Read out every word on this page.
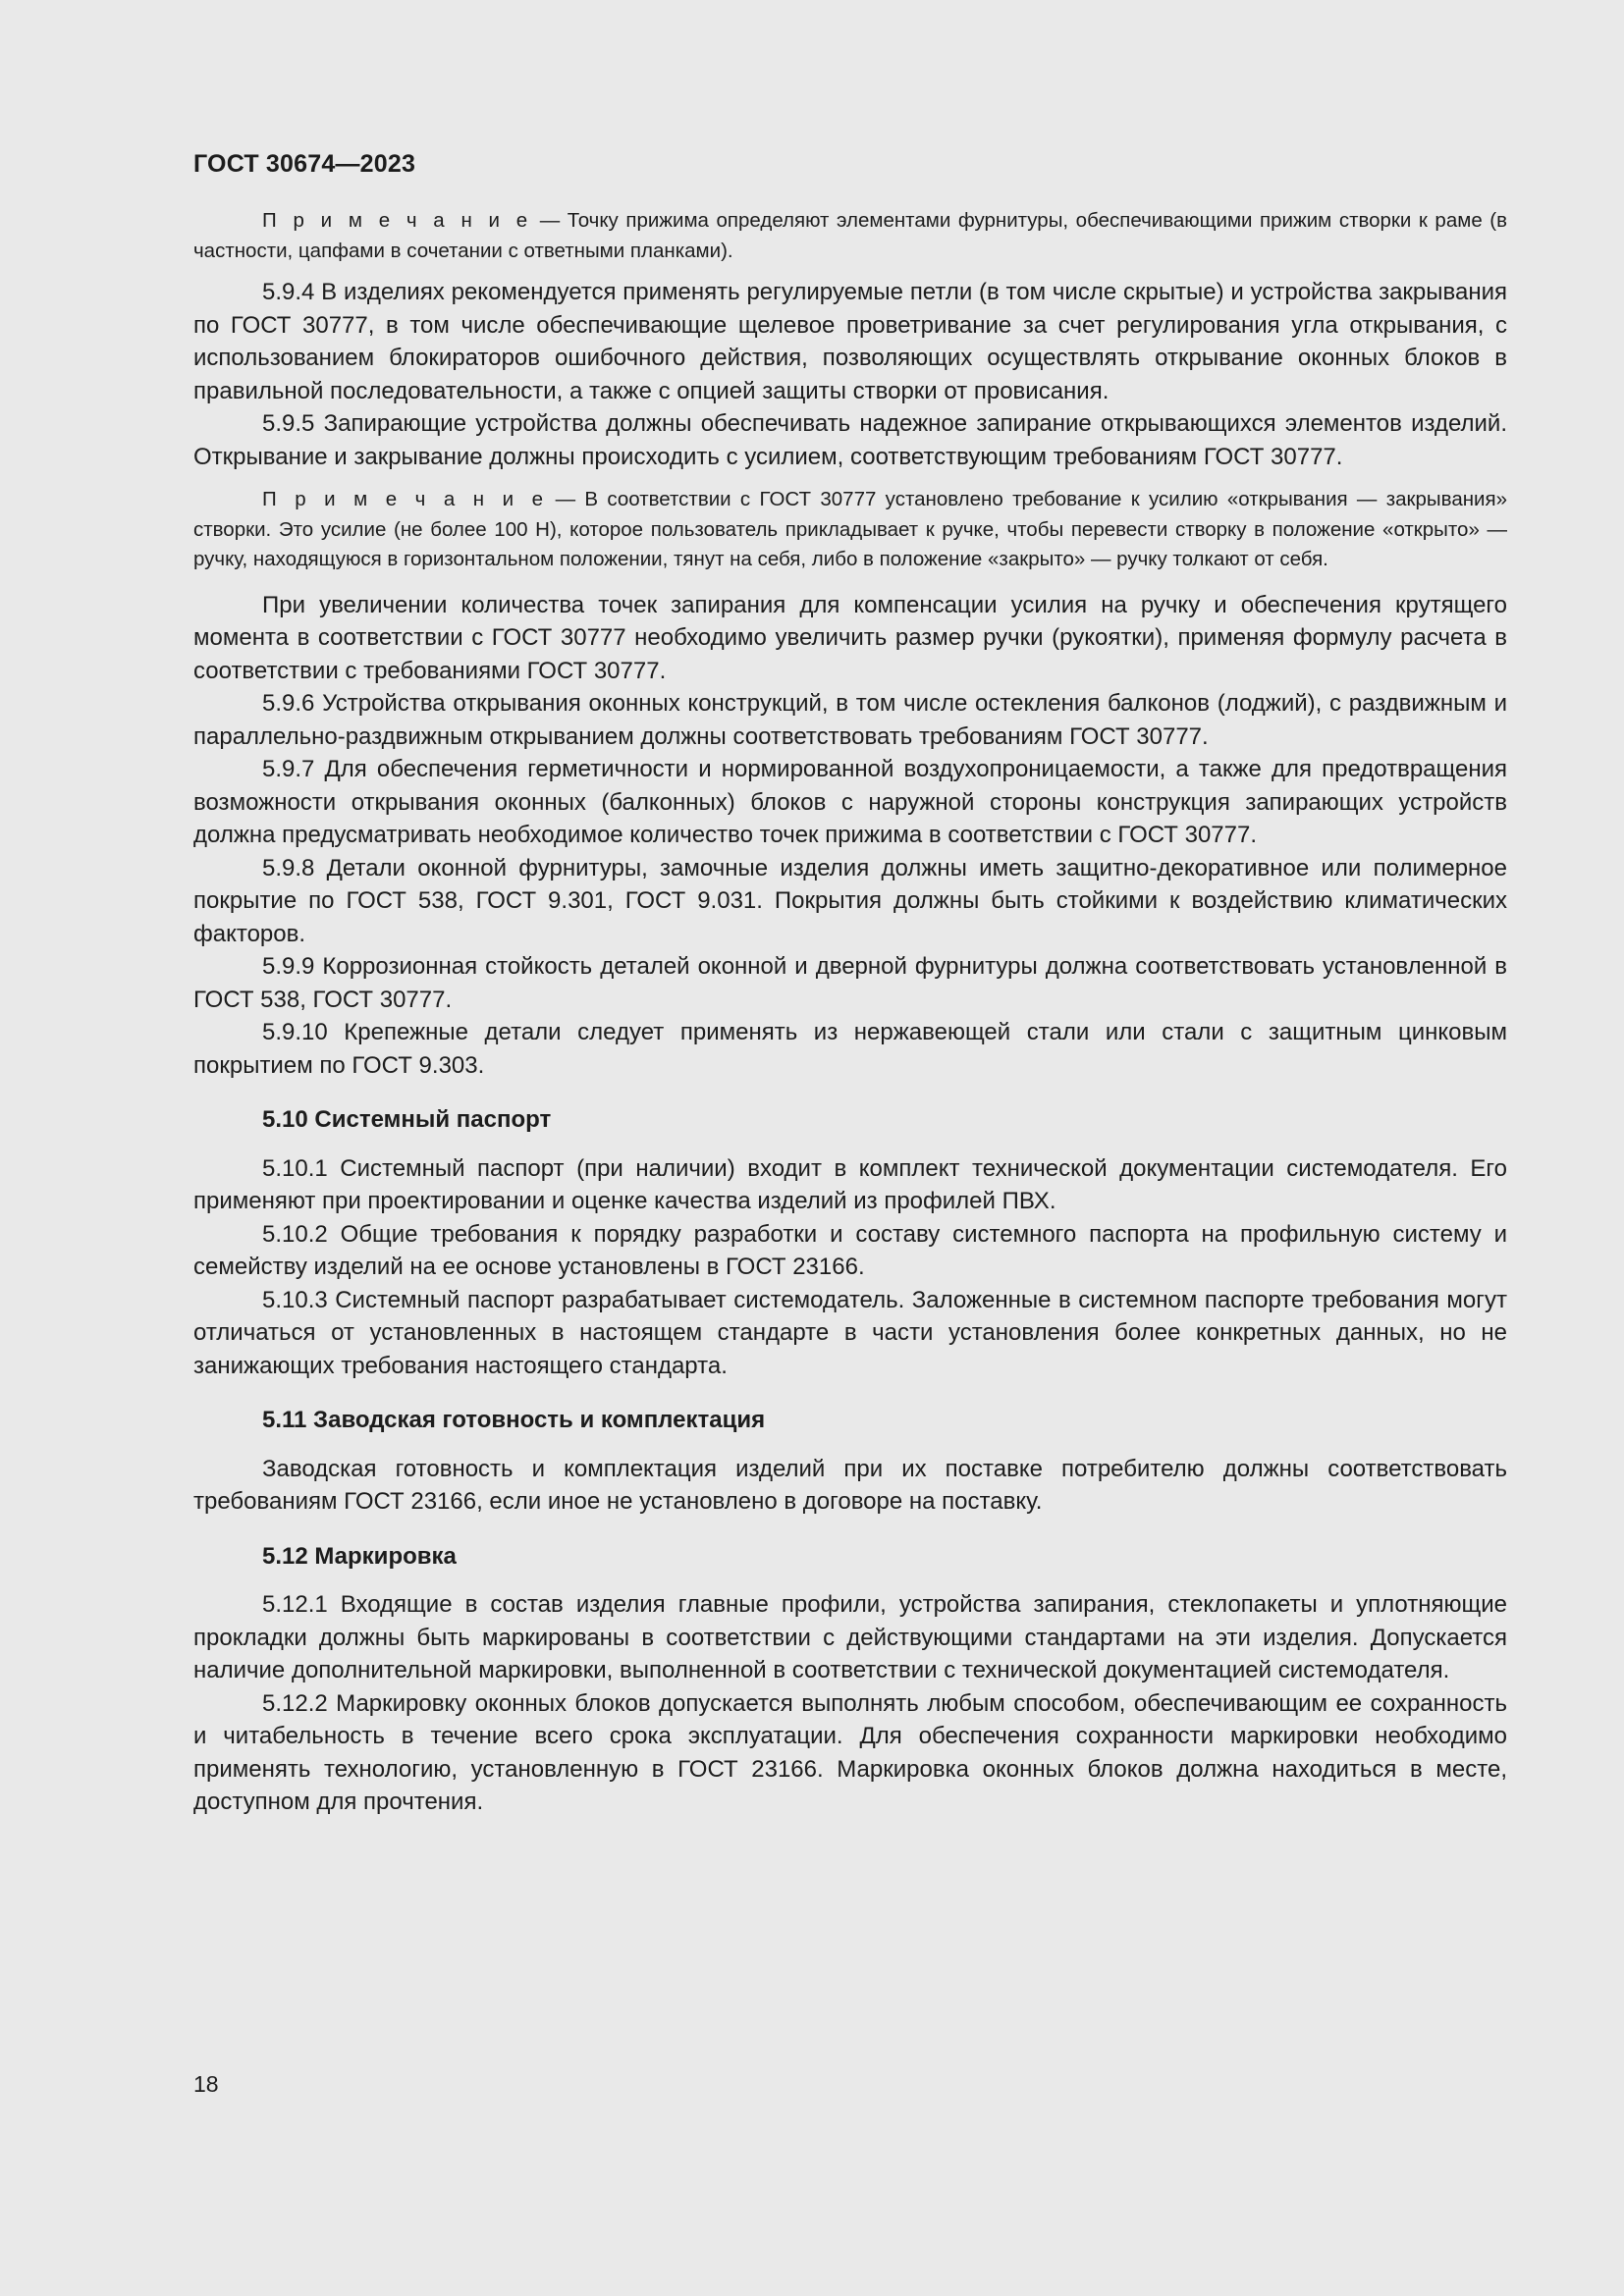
ГОСТ 30674—2023

П р и м е ч а н и е — Точку прижима определяют элементами фурнитуры, обеспечивающими прижим створки к раме (в частности, цапфами в сочетании с ответными планками).

5.9.4 В изделиях рекомендуется применять регулируемые петли (в том числе скрытые) и устройства закрывания по ГОСТ 30777, в том числе обеспечивающие щелевое проветривание за счет регулирования угла открывания, с использованием блокираторов ошибочного действия, позволяющих осуществлять открывание оконных блоков в правильной последовательности, а также с опцией защиты створки от провисания.

5.9.5 Запирающие устройства должны обеспечивать надежное запирание открывающихся элементов изделий. Открывание и закрывание должны происходить с усилием, соответствующим требованиям ГОСТ 30777.

П р и м е ч а н и е — В соответствии с ГОСТ 30777 установлено требование к усилию «открывания — закрывания» створки. Это усилие (не более 100 Н), которое пользователь прикладывает к ручке, чтобы перевести створку в положение «открыто» — ручку, находящуюся в горизонтальном положении, тянут на себя, либо в положение «закрыто» — ручку толкают от себя.

При увеличении количества точек запирания для компенсации усилия на ручку и обеспечения крутящего момента в соответствии с ГОСТ 30777 необходимо увеличить размер ручки (рукоятки), применяя формулу расчета в соответствии с требованиями ГОСТ 30777.

5.9.6 Устройства открывания оконных конструкций, в том числе остекления балконов (лоджий), с раздвижным и параллельно-раздвижным открыванием должны соответствовать требованиям ГОСТ 30777.

5.9.7 Для обеспечения герметичности и нормированной воздухопроницаемости, а также для предотвращения возможности открывания оконных (балконных) блоков с наружной стороны конструкция запирающих устройств должна предусматривать необходимое количество точек прижима в соответствии с ГОСТ 30777.

5.9.8 Детали оконной фурнитуры, замочные изделия должны иметь защитно-декоративное или полимерное покрытие по ГОСТ 538, ГОСТ 9.301, ГОСТ 9.031. Покрытия должны быть стойкими к воздействию климатических факторов.

5.9.9 Коррозионная стойкость деталей оконной и дверной фурнитуры должна соответствовать установленной в ГОСТ 538, ГОСТ 30777.

5.9.10 Крепежные детали следует применять из нержавеющей стали или стали с защитным цинковым покрытием по ГОСТ 9.303.

5.10 Системный паспорт

5.10.1 Системный паспорт (при наличии) входит в комплект технической документации системодателя. Его применяют при проектировании и оценке качества изделий из профилей ПВХ.

5.10.2 Общие требования к порядку разработки и составу системного паспорта на профильную систему и семейству изделий на ее основе установлены в ГОСТ 23166.

5.10.3 Системный паспорт разрабатывает системодатель. Заложенные в системном паспорте требования могут отличаться от установленных в настоящем стандарте в части установления более конкретных данных, но не занижающих требования настоящего стандарта.

5.11 Заводская готовность и комплектация

Заводская готовность и комплектация изделий при их поставке потребителю должны соответствовать требованиям ГОСТ 23166, если иное не установлено в договоре на поставку.

5.12 Маркировка

5.12.1 Входящие в состав изделия главные профили, устройства запирания, стеклопакеты и уплотняющие прокладки должны быть маркированы в соответствии с действующими стандартами на эти изделия. Допускается наличие дополнительной маркировки, выполненной в соответствии с технической документацией системодателя.

5.12.2 Маркировку оконных блоков допускается выполнять любым способом, обеспечивающим ее сохранность и читабельность в течение всего срока эксплуатации. Для обеспечения сохранности маркировки необходимо применять технологию, установленную в ГОСТ 23166. Маркировка оконных блоков должна находиться в месте, доступном для прочтения.

18
